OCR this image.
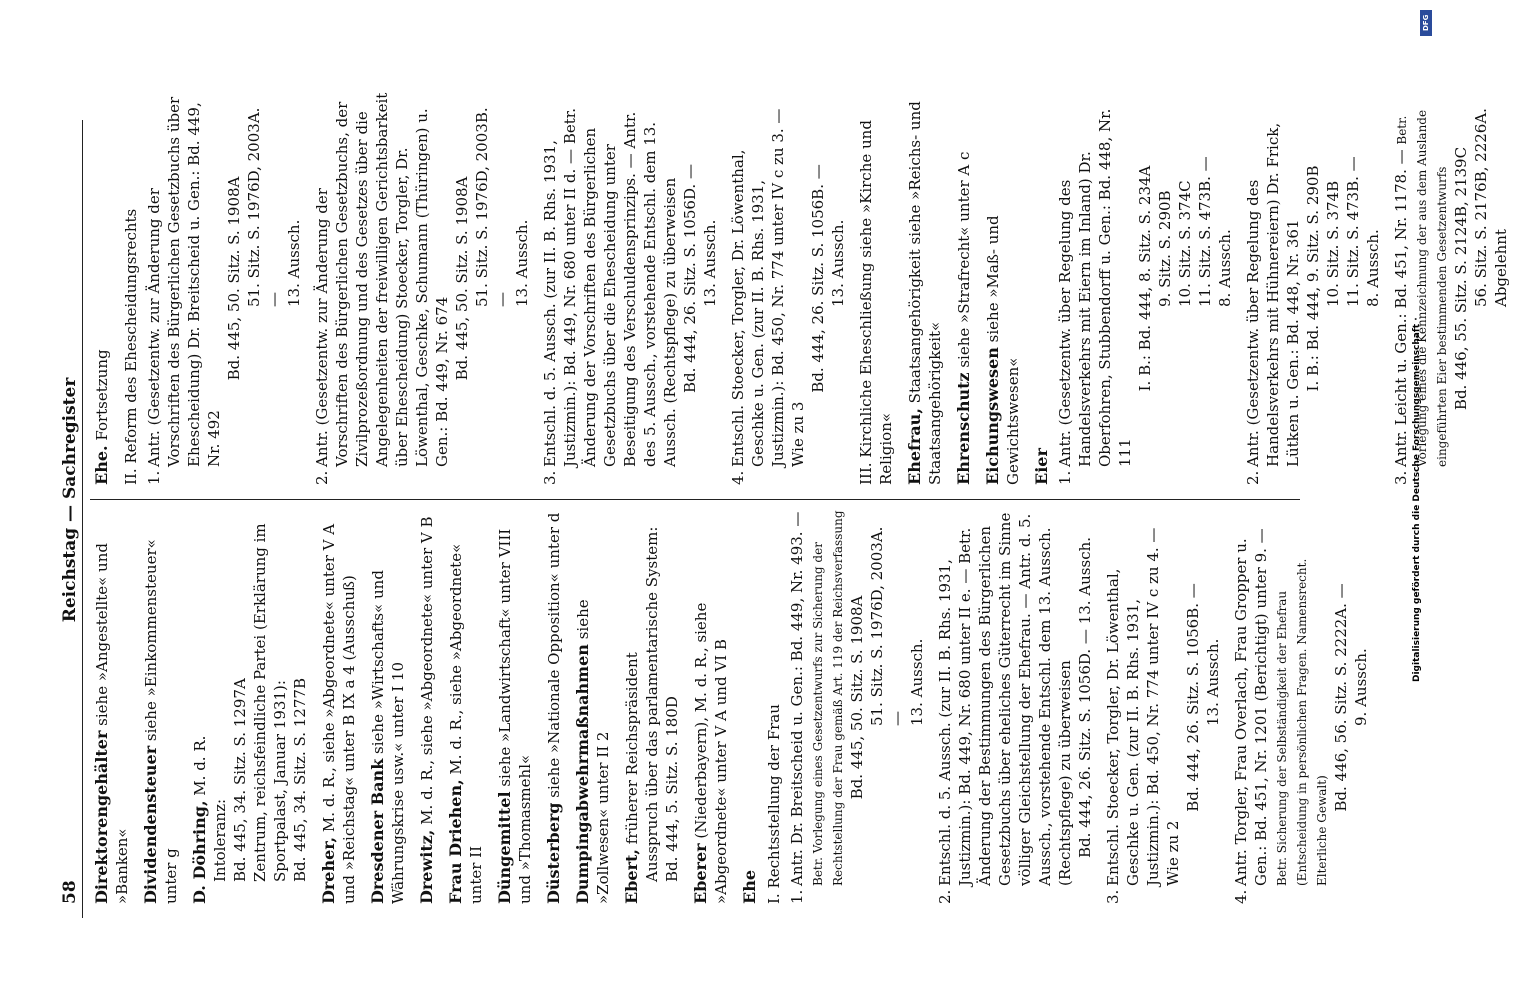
58
Reichstag — Sachregister
Direktorengehälter siehe »Angestellte« und »Banken« Dividendensteuer siehe »Einkommensteuer« unter g D. Döhring, M. d. R.
Intoleranz: Bd. 445, 34. Sitz. S. 1297A Zentrum, reichsfeindliche Partei (Erklärung im Sportpalast, Januar 1931): Bd. 445, 34. Sitz. S. 1277B Dreher, M. d. R., siehe »Abgeordnete« unter V A und »Reichstag« unter B IX a 4 (Ausschuß) Dresdener Bank siehe »Wirtschafts« und Währungskrise usw.« unter I 10 Drewitz, M. d. R., siehe »Abgeordnete« unter V B
Frau Driehen, M. d. R., siehe »Abgeordnete« unter II Düngemittel siehe »Landwirtschaft« unter VIII und »Thomasmehl« Düsterberg siehe »Nationale Opposition« unter d Dumpingabwehrmaßnahmen siehe »Zollwesen« unter II 2 Ebert, früherer Reichspräsident Ausspruch über das parlamentarische System: Bd. 444, 5. Sitz. S. 180D Eberer (Niederbayern), M. d. R., siehe »Abgeordnete« unter V A und VI B Ehe I. Rechtsstellung der Frau 1.
Antr. Dr. Breitscheid u. Gen.: Bd. 449, Nr. 493. — Betr. Vorlegung eines Gesetzentwurfs zur Sicherung der Rechtstellung der Frau gemäß Art. 119 der Reichsverfassung Bd. 445, 50. Sitz. S. 1908A 51. Sitz. S. 1976D, 2003A. — 13. Aussch.
2.
Entschl. d. 5. Aussch. (zur II. B. Rhs. 1931, Justizmin.): Bd. 449, Nr. 680 unter II e. — Betr. Änderung der Bestimmungen des Bürgerlichen Gesetzbuchs über eheliches Güterrecht im Sinne völliger Gleichstellung der Ehefrau. — Antr. d. 5. Aussch., vorstehende Entschl. dem 13. Aussch. (Rechtspflege) zu überweisen Bd. 444, 26. Sitz. S. 1056D. — 13. Aussch.
3.
Entschl. Stoecker, Torgler, Dr. Löwenthal, Geschke u. Gen. (zur II. B. Rhs. 1931, Justizmin.): Bd. 450, Nr. 774 unter IV c zu 4. — Wie zu 2
Bd. 444, 26. Sitz. S. 1056B. — 13. Aussch.
4.
Antr. Torgler, Frau Overlach, Frau Gropper u. Gen.: Bd. 451, Nr. 1201 (Berichtigt) unter 9. — Betr. Sicherung der Selbständigkeit der Ehefrau (Entscheidung in persönlichen Fragen. Namensrecht. Elterliche Gewalt)
Bd. 446, 56. Sitz. S. 2222A. — 9. Aussch.
Ehe. Fortsetzung II. Reform des Ehescheidungsrechts 1.
Antr. (Gesetzentw. zur Änderung der Vorschriften des Bürgerlichen Gesetzbuchs über Ehescheidung) Dr. Breitscheid u. Gen.: Bd. 449, Nr. 492
Bd. 445, 50. Sitz. S. 1908A 51. Sitz. S. 1976D, 2003A. — 13. Aussch.
2.
Antr. (Gesetzentw. zur Änderung der Vorschriften des Bürgerlichen Gesetzbuchs, der Zivilprozeßordnung und des Gesetzes über die Angelegenheiten der freiwilligen Gerichtsbarkeit über Ehescheidung) Stoecker, Torgler, Dr. Löwenthal, Geschke, Schumann (Thüringen) u. Gen.: Bd. 449, Nr. 674
Bd. 445, 50. Sitz. S. 1908A 51. Sitz. S. 1976D, 2003B. — 13. Aussch.
3.
Entschl. d. 5. Aussch. (zur II. B. Rhs. 1931, Justizmin.): Bd. 449, Nr. 680 unter II d. — Betr. Änderung der Vorschriften des Bürgerlichen Gesetzbuchs über die Ehescheidung unter Beseitigung des Verschuldensprinzips. — Antr. des 5. Aussch., vorstehende Entschl. dem 13. Aussch. (Rechtspflege) zu überweisen Bd. 444, 26. Sitz. S. 1056D. — 13. Aussch.
4.
Entschl. Stoecker, Torgler, Dr. Löwenthal, Geschke u. Gen. (zur II. B. Rhs. 1931, Justizmin.): Bd. 450, Nr. 774 unter IV c zu 3. — Wie zu 3
Bd. 444, 26. Sitz. S. 1056B. — 13. Aussch. III. Kirchliche Eheschließung siehe »Kirche und Religion« Ehefrau, Staatsangehörigkeit siehe »Reichs- und Staatsangehörigkeit« Ehrenschutz siehe »Strafrecht« unter A c
Eichungswesen siehe »Maß- und Gewichtswesen« Eier 1.
Antr. (Gesetzentw. über Regelung des Handelsverkehrs mit Eiern im Inland) Dr. Oberfohren, Stubbendorff u. Gen.: Bd. 448, Nr. 111
I. B.: Bd. 444, 8. Sitz. S. 234A 9. Sitz. S. 290B 10. Sitz. S. 374C 11. Sitz. S. 473B. — 8. Aussch.
2.
Antr. (Gesetzentw. über Regelung des Handelsverkehrs mit Hühnereiern) Dr. Frick, Lütken u. Gen.: Bd. 448, Nr. 361 I. B.: Bd. 444, 9. Sitz. S. 290B 10. Sitz. S. 374B 11. Sitz. S. 473B. — 8. Aussch.
3.
Antr. Leicht u. Gen.: Bd. 451, Nr. 1178. — Betr. Vorlegung eines die Kennzeichnung der aus dem Auslande eingeführten Eier bestimmenden Gesetzentwurfs Bd. 446, 55. Sitz. S. 2124B, 2139C 56. Sitz. S. 2176B, 2226A. Abgelehnt
Digitalisierung gefördert durch die Deutsche Forschungsgemeinschaft ·
DFG
